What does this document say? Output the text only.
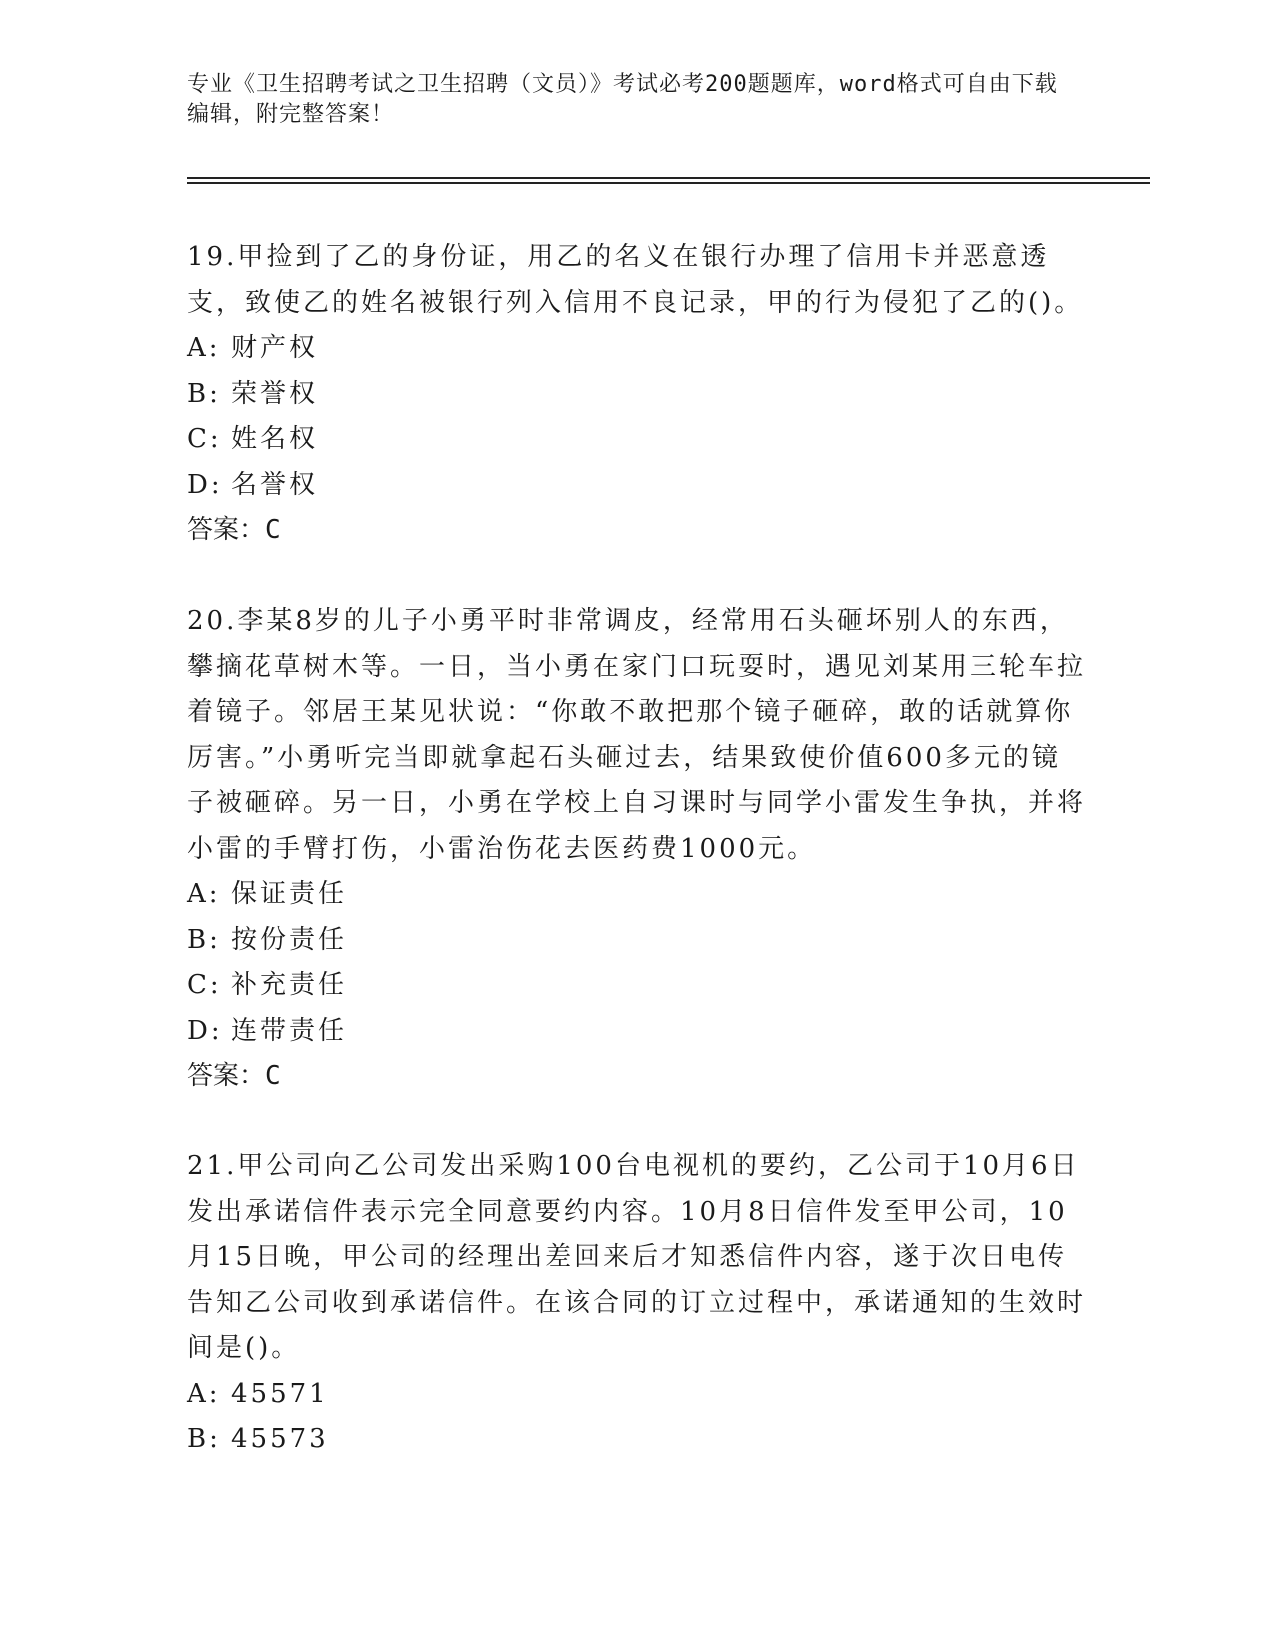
专业《卫生招聘考试之卫生招聘（文员）》考试必考200题题库，word格式可自由下载编辑，附完整答案！

19.甲捡到了乙的身份证，用乙的名义在银行办理了信用卡并恶意透支，致使乙的姓名被银行列入信用不良记录，甲的行为侵犯了乙的()。

A: 财产权

B: 荣誉权

C: 姓名权

D: 名誉权

答案：C

20.李某8岁的儿子小勇平时非常调皮，经常用石头砸坏别人的东西，攀摘花草树木等。一日，当小勇在家门口玩耍时，遇见刘某用三轮车拉着镜子。邻居王某见状说：“你敢不敢把那个镜子砸碎，敢的话就算你厉害。”小勇听完当即就拿起石头砸过去，结果致使价值600多元的镜子被砸碎。另一日，小勇在学校上自习课时与同学小雷发生争执，并将小雷的手臂打伤，小雷治伤花去医药费1000元。

A: 保证责任

B: 按份责任

C: 补充责任

D: 连带责任

答案：C

21.甲公司向乙公司发出采购100台电视机的要约，乙公司于10月6日发出承诺信件表示完全同意要约内容。10月8日信件发至甲公司，10月15日晚，甲公司的经理出差回来后才知悉信件内容，遂于次日电传告知乙公司收到承诺信件。在该合同的订立过程中，承诺通知的生效时间是()。

A: 45571

B: 45573
